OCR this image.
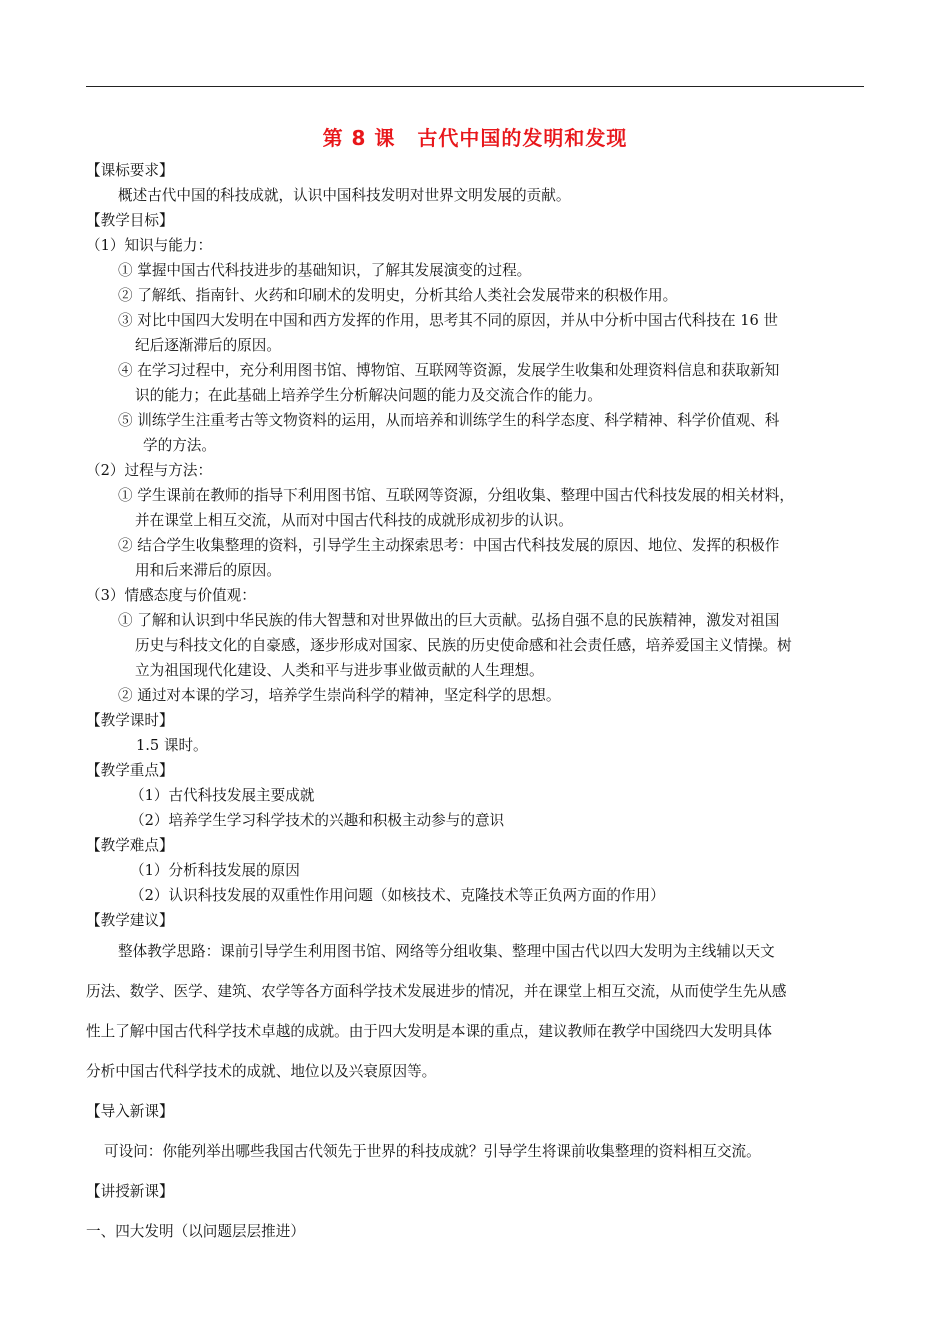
第 8 课 古代中国的发明和发现
【课标要求】
概述古代中国的科技成就，认识中国科技发明对世界文明发展的贡献。
【教学目标】
（1）知识与能力：
① 掌握中国古代科技进步的基础知识，了解其发展演变的过程。
② 了解纸、指南针、火药和印刷术的发明史，分析其给人类社会发展带来的积极作用。
③ 对比中国四大发明在中国和西方发挥的作用，思考其不同的原因，并从中分析中国古代科技在 16 世
纪后逐渐滞后的原因。
④ 在学习过程中，充分利用图书馆、博物馆、互联网等资源，发展学生收集和处理资料信息和获取新知
识的能力；在此基础上培养学生分析解决问题的能力及交流合作的能力。
⑤ 训练学生注重考古等文物资料的运用，从而培养和训练学生的科学态度、科学精神、科学价值观、科
学的方法。
（2）过程与方法：
① 学生课前在教师的指导下利用图书馆、互联网等资源，分组收集、整理中国古代科技发展的相关材料，
并在课堂上相互交流，从而对中国古代科技的成就形成初步的认识。
② 结合学生收集整理的资料，引导学生主动探索思考：中国古代科技发展的原因、地位、发挥的积极作
用和后来滞后的原因。
（3）情感态度与价值观：
① 了解和认识到中华民族的伟大智慧和对世界做出的巨大贡献。弘扬自强不息的民族精神，激发对祖国
历史与科技文化的自豪感，逐步形成对国家、民族的历史使命感和社会责任感，培养爱国主义情操。树
立为祖国现代化建设、人类和平与进步事业做贡献的人生理想。
② 通过对本课的学习，培养学生崇尚科学的精神，坚定科学的思想。
【教学课时】
1.5 课时。
【教学重点】
（1）古代科技发展主要成就
（2）培养学生学习科学技术的兴趣和积极主动参与的意识
【教学难点】
（1）分析科技发展的原因
（2）认识科技发展的双重性作用问题（如核技术、克隆技术等正负两方面的作用）
【教学建议】
整体教学思路：课前引导学生利用图书馆、网络等分组收集、整理中国古代以四大发明为主线辅以天文
历法、数学、医学、建筑、农学等各方面科学技术发展进步的情况，并在课堂上相互交流，从而使学生先从感
性上了解中国古代科学技术卓越的成就。由于四大发明是本课的重点，建议教师在教学中国绕四大发明具体
分析中国古代科学技术的成就、地位以及兴衰原因等。
【导入新课】
可设问：你能列举出哪些我国古代领先于世界的科技成就？引导学生将课前收集整理的资料相互交流。
【讲授新课】
一、四大发明（以问题层层推进）
